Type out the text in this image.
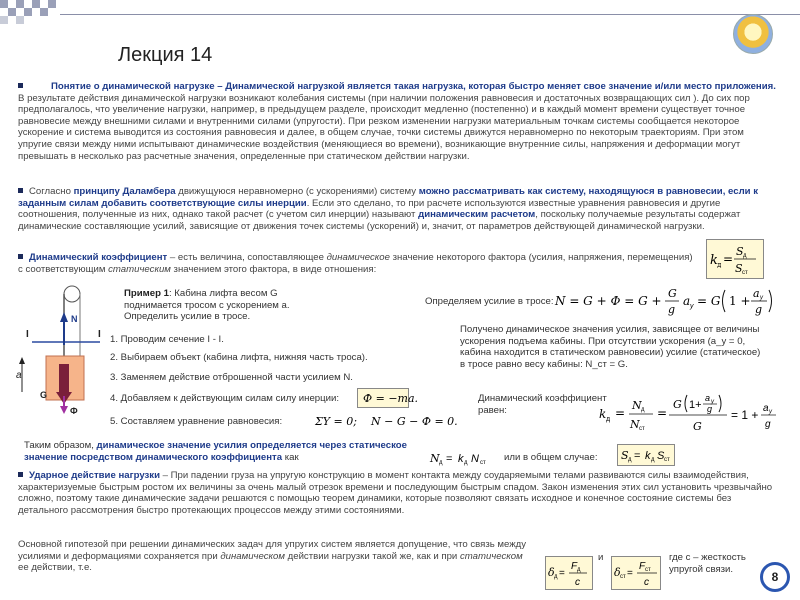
Лекция 14
Понятие о динамической нагрузке – Динамической нагрузкой является такая нагрузка, которая быстро меняет свое значение и/или место приложения. В результате действия динамической нагрузки возникают колебания системы (при наличии положения равновесия и достаточных возвращающих сил ). До сих пор предполагалось, что увеличение нагрузки, например, в предыдущем разделе, происходит медленно (постепенно) и в каждый момент времени существует точное равновесие между внешними силами и внутренними силами (упругости). При резком изменении нагрузки материальным точкам системы сообщается некоторое ускорение и система выводится из состояния равновесия и далее, в общем случае, точки системы движутся неравномерно по некоторым траекториям. При этом упругие связи между ними испытывают динамические воздействия (меняющиеся во времени), возникающие внутренние силы, напряжения и деформации могут превышать в несколько раз расчетные значения, определенные при статическом действии нагрузки.
Согласно принципу Даламбера движущуюся неравномерно (с ускорениями) систему можно рассматривать как систему, находящуюся в равновесии, если к заданным силам добавить соответствующие силы инерции. Если это сделано, то при расчете используются известные уравнения равновесия и другие соотношения, полученные из них, однако такой расчет (с учетом сил инерции) называют динамическим расчетом, поскольку получаемые результаты содержат динамические составляющие усилий, зависящие от движения точек системы (ускорений) и, значит, от параметров действующей динамической нагрузки.
Динамический коэффициент – есть величина, сопоставляющее динамическое значение некоторого фактора (усилия, напряжения, перемещения) с соответствующим статическим значением этого фактора, в виде отношения:
k д =
S д
S ст
I	I
N
G
Ф
a
Пример 1: Кабина лифта весом G поднимается тросом с ускорением a. Определить усилие в тросе.
1. Проводим сечение I - I.
2. Выбираем объект (кабина лифта, нижняя часть троса).
3. Заменяем действие отброшенной части усилием N.
4. Добавляем к действующим силам силу инерции:
5. Составляем уравнение равновесия:
Ф = −ma.
ΣY = 0; N − G − Ф = 0.
Определяем усилие в тросе: N = G + Ф = G +
G
g
a y = G 1 +
a y
g
Получено динамическое значения усилия, зависящее от величины ускорения подъема кабины. При отсутствии ускорения (a_y = 0, кабина находится в статическом равновесии) усилие (статическое) в тросе равно весу кабины: N_ст = G.
Динамический коэффициент равен:	k д =
N д
N ст
=
G 1+
a y
g
G
= 1 + a y
g
Таким образом, динамическое значение усилия определяется через статическое значение посредством динамического коэффициента как	N д = k д N ст или в общем случае: S д = k д S ст
Ударное действие нагрузки – При падении груза на упругую конструкцию в момент контакта между соударяемыми телами развиваются силы взаимодействия, характеризуемые быстрым ростом их величины за очень малый отрезок времени и последующим быстрым спадом. Закон изменения этих сил установить чрезвычайно сложно, поэтому такие динамические задачи решаются с помощью теорем динамики, которые позволяют связать исходное и конечное состояние системы без детального рассмотрения быстро протекающих процессов между этими состояниями.
Основной гипотезой при решении динамических задач для упругих систем является допущение, что связь между усилиями и деформациями сохраняется при динамическом действии нагрузки такой же, как и при статическом ее действии, т.е.	δ д =
F д
c
и
δ ст =
F ст
c
где с – жесткость упругой связи.
8
